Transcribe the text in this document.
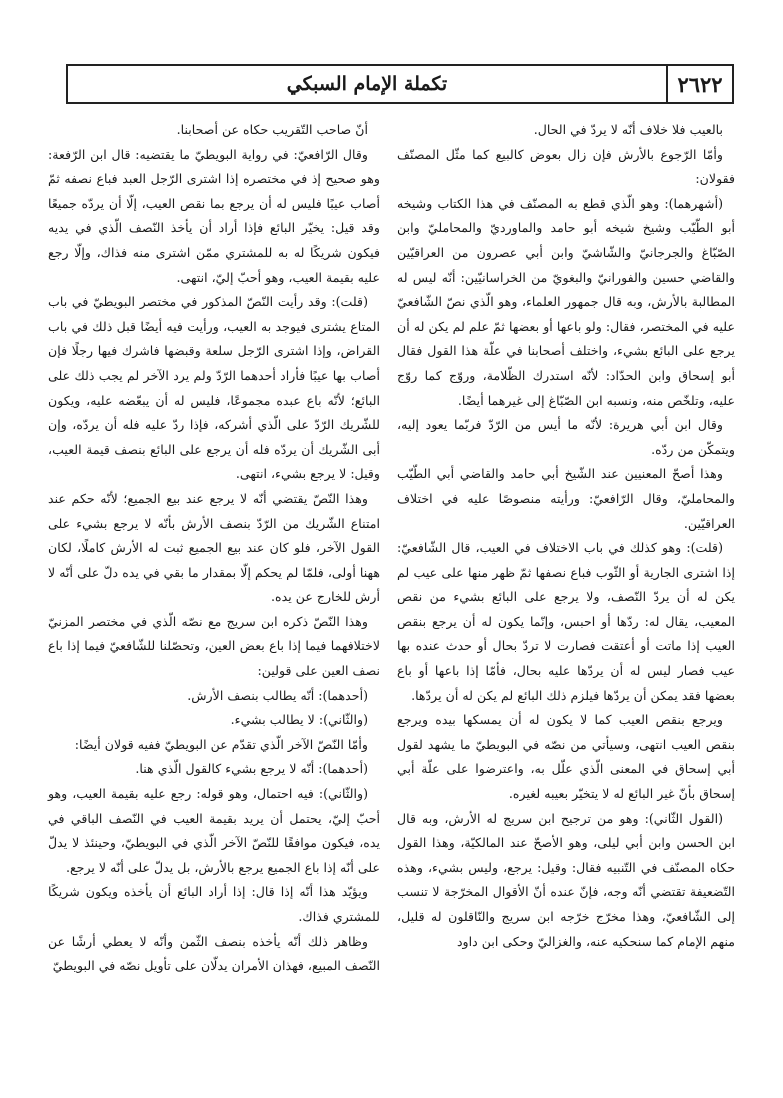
٢٦٢٢
تكملة الإمام السبكي

بالعيب فلا خلاف أنّه لا يردّ في الحال.

وأمّا الرّجوع بالأرش فإن زال بعوض كالبيع كما مثّل المصنّف فقولان:

(أشهرهما): وهو الّذي قطع به المصنّف في هذا الكتاب وشيخه أبو الطّيّب وشيخ شيخه أبو حامد والماورديّ والمحامليّ وابن الصّبّاغ والجرجانيّ والشّاشيّ وابن أبي عصرون من العراقيّين والقاضي حسين والفورانيّ والبغويّ من الخراسانيّين: أنّه ليس له المطالبة بالأرش، وبه قال جمهور العلماء، وهو الّذي نصّ الشّافعيّ عليه في المختصر، فقال: ولو باعها أو بعضها ثمّ علم لم يكن له أن يرجع على البائع بشيء، واختلف أصحابنا في علّة هذا القول فقال أبو إسحاق وابن الحدّاد: لأنّه استدرك الظّلامة، وروّج كما روّج عليه، وتلخّص منه، ونسبه ابن الصّبّاغ إلى غيرهما أيضًا.

وقال ابن أبي هريرة: لأنّه ما أيس من الرّدّ فربّما يعود إليه، ويتمكّن من ردّه.

وهذا أصحّ المعنيين عند الشّيخ أبي حامد والقاضي أبي الطّيّب والمحامليّ، وقال الرّافعيّ: ورأيته منصوصًا عليه في اختلاف العراقيّين.

(قلت): وهو كذلك في باب الاختلاف في العيب، قال الشّافعيّ: إذا اشترى الجارية أو الثّوب فباع نصفها ثمّ ظهر منها على عيب لم يكن له أن يردّ النّصف، ولا يرجع على البائع بشيء من نقص المعيب، يقال له: ردّها أو احبس، وإنّما يكون له أن يرجع بنقص العيب إذا ماتت أو أعتقت فصارت لا تردّ بحال أو حدث عنده بها عيب فصار ليس له أن يردّها عليه بحال، فأمّا إذا باعها أو باع بعضها فقد يمكن أن يردّها فيلزم ذلك البائع لم يكن له أن يردّها.

ويرجع بنقص العيب كما لا يكون له أن يمسكها بيده ويرجع بنقص العيب انتهى، وسيأتي من نصّه في البويطيّ ما يشهد لقول أبي إسحاق في المعنى الّذي علّل به، واعترضوا على علّة أبي إسحاق بأنّ غير البائع له لا يتخيّر بعيبه لغيره.

(القول الثّاني): وهو من ترجيح ابن سريج له الأرش، وبه قال ابن الحسن وابن أبي ليلى، وهو الأصحّ عند المالكيّة، وهذا القول حكاه المصنّف في التّنبيه فقال: وقيل: يرجع، وليس بشيء، وهذه التّضعيفة تقتضي أنّه وجه، فإنّ عنده أنّ الأقوال المخرّجة لا تنسب إلى الشّافعيّ، وهذا مخرّج خرّجه ابن سريج والنّاقلون له قليل، منهم الإمام كما سنحكيه عنه، والغزاليّ وحكى ابن داود

أنّ صاحب التّقريب حكاه عن أصحابنا.

وقال الرّافعيّ: في رواية البويطيّ ما يقتضيه: قال ابن الرّفعة: وهو صحيح إذ في مختصره إذا اشترى الرّجل العبد فباع نصفه ثمّ أصاب عيبًا فليس له أن يرجع بما نقص العيب، إلّا أن يردّه جميعًا وقد قيل: يخيّر البائع فإذا أراد أن يأخذ النّصف الّذي في يديه فيكون شريكًا له به للمشتري ممّن اشترى منه فذاك، وإلّا رجع عليه بقيمة العيب، وهو أحبّ إليّ، انتهى.

(قلت): وقد رأيت النّصّ المذكور في مختصر البويطيّ في باب المتاع يشترى فيوجد به العيب، ورأيت فيه أيضًا قبل ذلك في باب القراض، وإذا اشترى الرّجل سلعة وقبضها فاشرك فيها رجلًا فإن أصاب بها عيبًا فأراد أحدهما الرّدّ ولم يرد الآخر لم يجب ذلك على البائع؛ لأنّه باع عبده مجموعًا، فليس له أن يبعّضه عليه، ويكون للشّريك الرّدّ على الّذي أشركه، فإذا ردّ عليه فله أن يردّه، وإن أبى الشّريك أن يردّه فله أن يرجع على البائع بنصف قيمة العيب، وقيل: لا يرجع بشيء، انتهى.

وهذا النّصّ يقتضي أنّه لا يرجع عند بيع الجميع؛ لأنّه حكم عند امتناع الشّريك من الرّدّ بنصف الأرش بأنّه لا يرجع بشيء على القول الآخر، فلو كان عند بيع الجميع ثبت له الأرش كاملًا، لكان ههنا أولى، فلمّا لم يحكم إلّا بمقدار ما بقي في يده دلّ على أنّه لا أرش للخارج عن يده.

وهذا النّصّ ذكره ابن سريج مع نصّه الّذي في مختصر المزنيّ لاختلافهما فيما إذا باع بعض العين، وتحصّلنا للشّافعيّ فيما إذا باع نصف العين على قولين:

(أحدهما): أنّه يطالب بنصف الأرش.

(والثّاني): لا يطالب بشيء.

وأمّا النّصّ الآخر الّذي تقدّم عن البويطيّ ففيه قولان أيضًا:

(أحدهما): أنّه لا يرجع بشيء كالقول الّذي هنا.

(والثّاني): فيه احتمال، وهو قوله: رجع عليه بقيمة العيب، وهو أحبّ إليّ، يحتمل أن يريد بقيمة العيب في النّصف الباقي في يده، فيكون موافقًا للنّصّ الآخر الّذي في البويطيّ، وحينئذ لا يدلّ على أنّه إذا باع الجميع يرجع بالأرش، بل يدلّ على أنّه لا يرجع.

ويؤيّد هذا أنّه إذا قال: إذا أراد البائع أن يأخذه ويكون شريكًا للمشتري فذاك.

وظاهر ذلك أنّه يأخذه بنصف الثّمن وأنّه لا يعطي أرشًا عن النّصف المبيع، فهذان الأمران يدلّان على تأويل نصّه في البويطيّ
